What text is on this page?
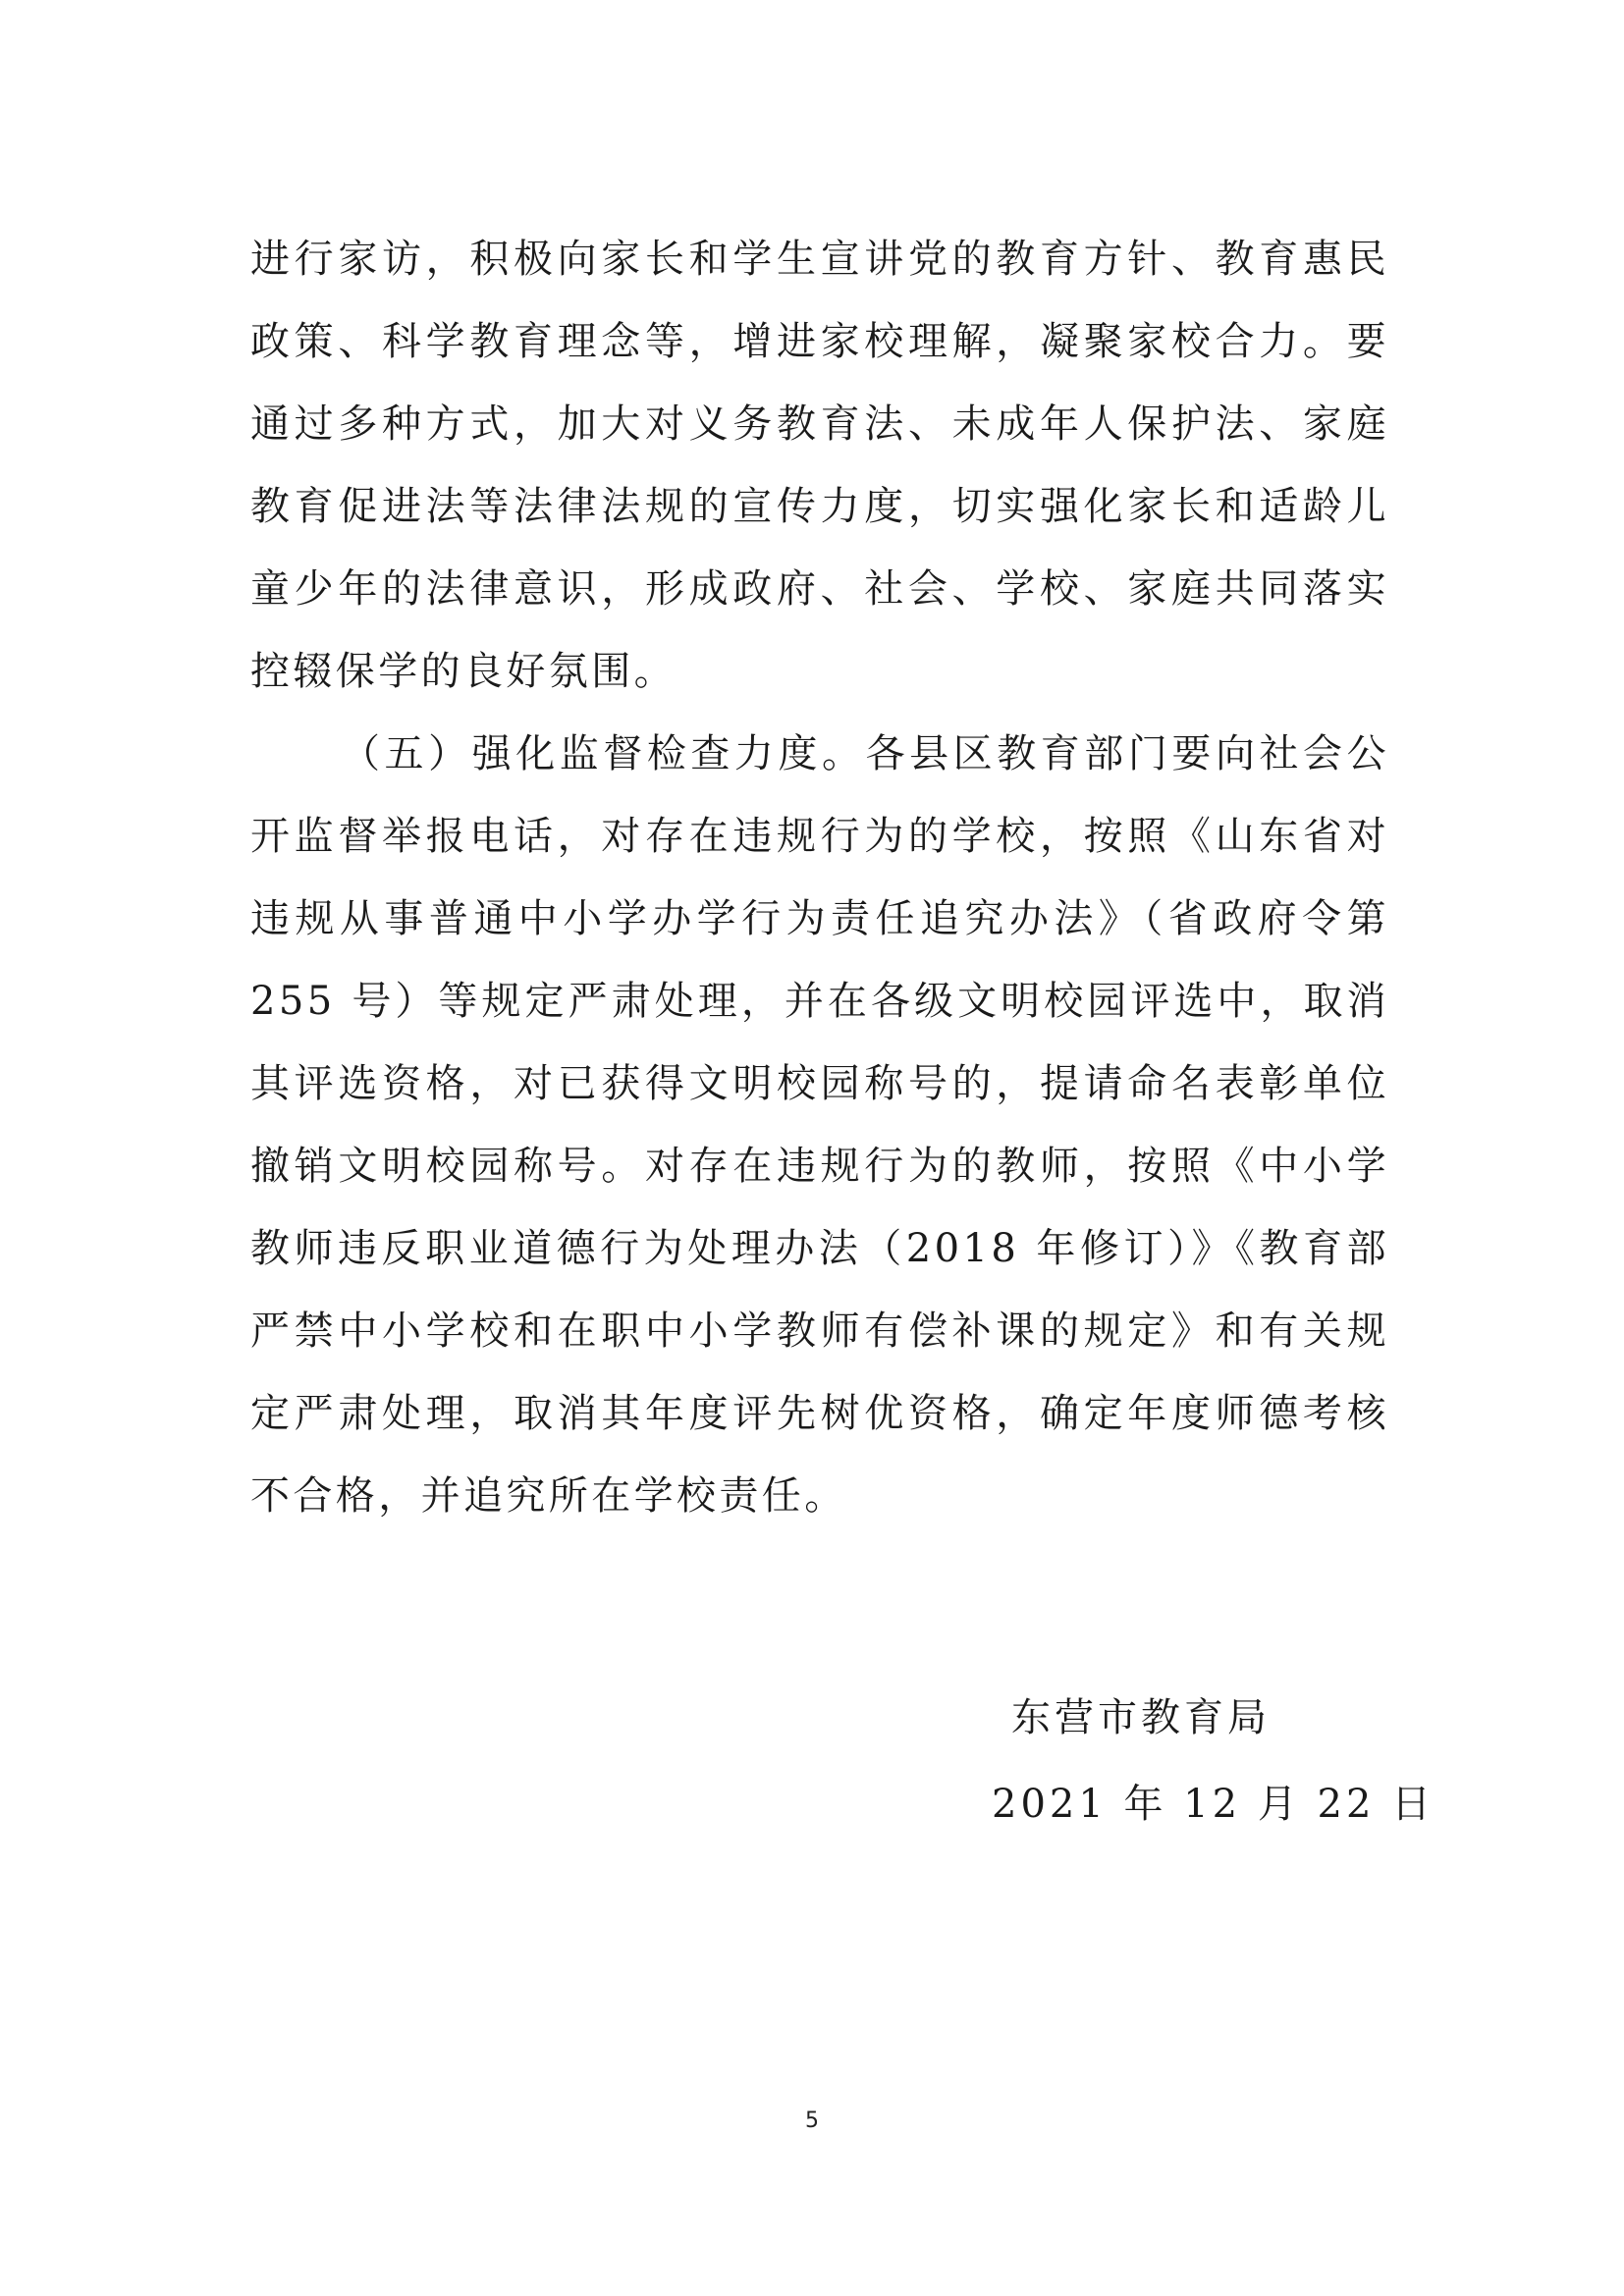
进行家访，积极向家长和学生宣讲党的教育方针、教育惠民
政策、科学教育理念等，增进家校理解，凝聚家校合力。要
通过多种方式，加大对义务教育法、未成年人保护法、家庭
教育促进法等法律法规的宣传力度，切实强化家长和适龄儿
童少年的法律意识，形成政府、社会、学校、家庭共同落实
控辍保学的良好氛围。
（五）强化监督检查力度。各县区教育部门要向社会公
开监督举报电话，对存在违规行为的学校，按照《山东省对
违规从事普通中小学办学行为责任追究办法》（省政府令第
255 号）等规定严肃处理，并在各级文明校园评选中，取消
其评选资格，对已获得文明校园称号的，提请命名表彰单位
撤销文明校园称号。对存在违规行为的教师，按照《中小学
教师违反职业道德行为处理办法（2018 年修订）》《教育部
严禁中小学校和在职中小学教师有偿补课的规定》和有关规
定严肃处理，取消其年度评先树优资格，确定年度师德考核
不合格，并追究所在学校责任。
东营市教育局
2021 年 12 月 22 日
5
